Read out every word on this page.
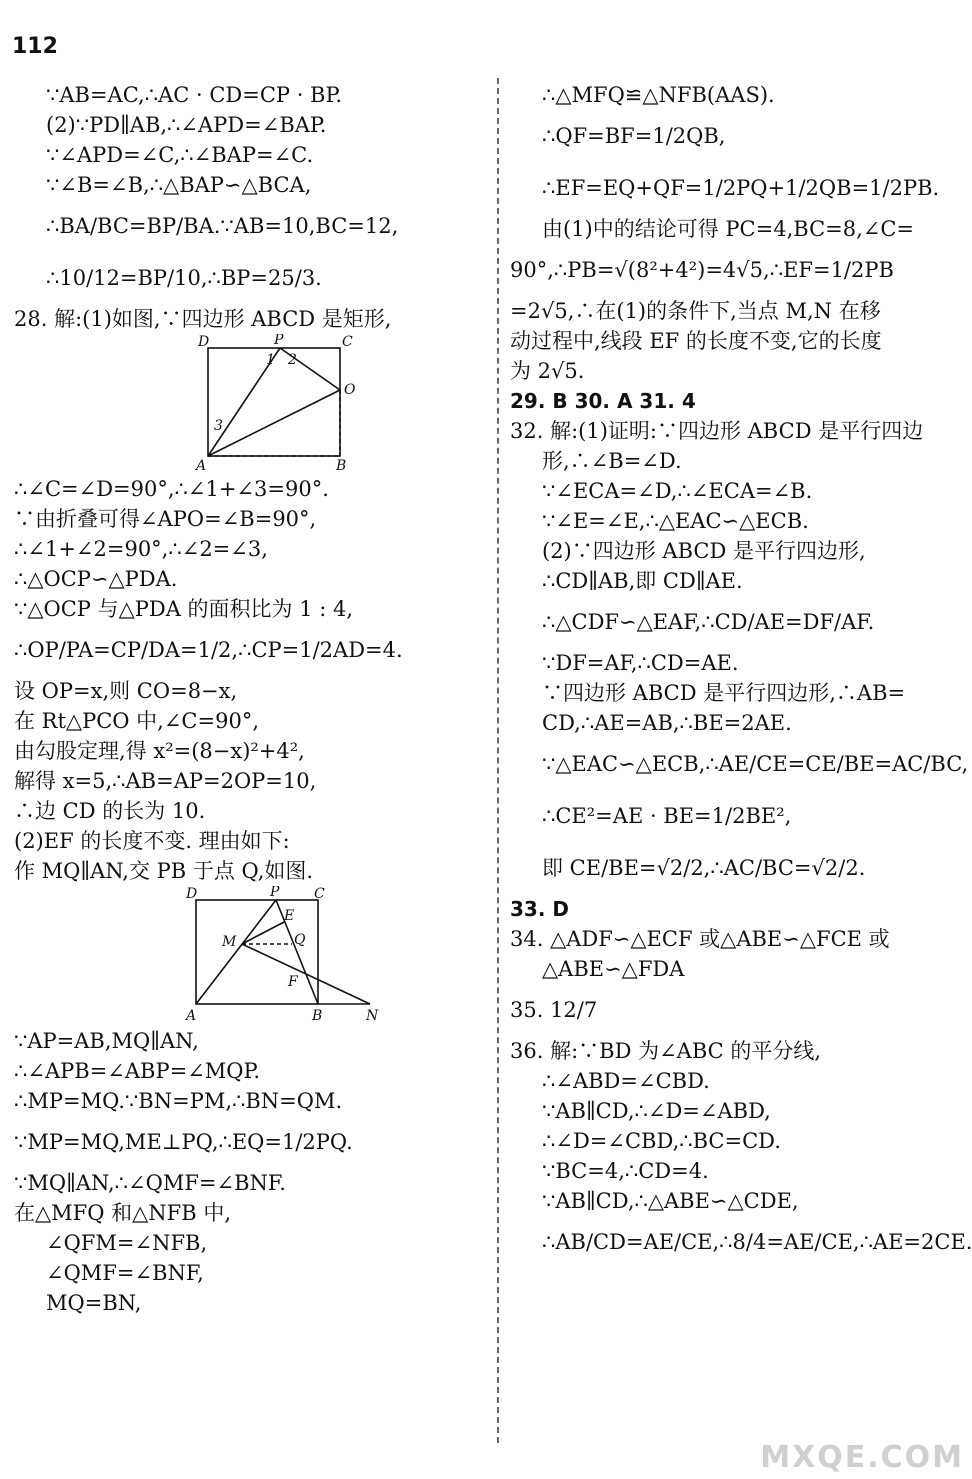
112
∵AB=AC,∴AC · CD=CP · BP.
(2)∵PD∥AB,∴∠APD=∠BAP.
∵∠APD=∠C,∴∠BAP=∠C.
∵∠B=∠B,∴△BAP∽△BCA,
∴BA/BC=BP/BA.∵AB=10,BC=12,
∴10/12=BP/10,∴BP=25/3.
28. 解:(1)如图,∵四边形 ABCD 是矩形,
D	P	C
1 2
O
3
A	B
∴∠C=∠D=90°,∴∠1+∠3=90°.
∵由折叠可得∠APO=∠B=90°,
∴∠1+∠2=90°,∴∠2=∠3,
∴△OCP∽△PDA.
∵△OCP 与△PDA 的面积比为 1 : 4,
∴OP/PA=CP/DA=1/2,∴CP=1/2AD=4.
设 OP=x,则 CO=8−x,
在 Rt△PCO 中,∠C=90°,
由勾股定理,得 x²=(8−x)²+4²,
解得 x=5,∴AB=AP=2OP=10,
∴边 CD 的长为 10.
(2)EF 的长度不变. 理由如下:
作 MQ∥AN,交 PB 于点 Q,如图.
D	P C
E
M	Q
F
A	B	N
∵AP=AB,MQ∥AN,
∴∠APB=∠ABP=∠MQP.
∴MP=MQ.∵BN=PM,∴BN=QM.
∵MP=MQ,ME⊥PQ,∴EQ=1/2PQ.
∵MQ∥AN,∴∠QMF=∠BNF.
在△MFQ 和△NFB 中,
∠QFM=∠NFB,
∠QMF=∠BNF,
MQ=BN,
∴△MFQ≌△NFB(AAS).
∴QF=BF=1/2QB,
∴EF=EQ+QF=1/2PQ+1/2QB=1/2PB.
由(1)中的结论可得 PC=4,BC=8,∠C=
90°,∴PB=√(8²+4²)=4√5,∴EF=1/2PB
=2√5,∴在(1)的条件下,当点 M,N 在移
动过程中,线段 EF 的长度不变,它的长度
为 2√5.
29. B 30. A 31. 4
32. 解:(1)证明:∵四边形 ABCD 是平行四边
形,∴∠B=∠D.
∵∠ECA=∠D,∴∠ECA=∠B.
∵∠E=∠E,∴△EAC∽△ECB.
(2)∵四边形 ABCD 是平行四边形,
∴CD∥AB,即 CD∥AE.
∴△CDF∽△EAF,∴CD/AE=DF/AF.
∵DF=AF,∴CD=AE.
∵四边形 ABCD 是平行四边形,∴AB=
CD,∴AE=AB,∴BE=2AE.
∵△EAC∽△ECB,∴AE/CE=CE/BE=AC/BC,
∴CE²=AE · BE=1/2BE²,
即 CE/BE=√2/2,∴AC/BC=√2/2.
33. D
34. △ADF∽△ECF 或△ABE∽△FCE 或
△ABE∽△FDA
35. 12/7
36. 解:∵BD 为∠ABC 的平分线,
∴∠ABD=∠CBD.
∵AB∥CD,∴∠D=∠ABD,
∴∠D=∠CBD,∴BC=CD.
∵BC=4,∴CD=4.
∵AB∥CD,∴△ABE∽△CDE,
∴AB/CD=AE/CE,∴8/4=AE/CE,∴AE=2CE.
MXQE.COM
